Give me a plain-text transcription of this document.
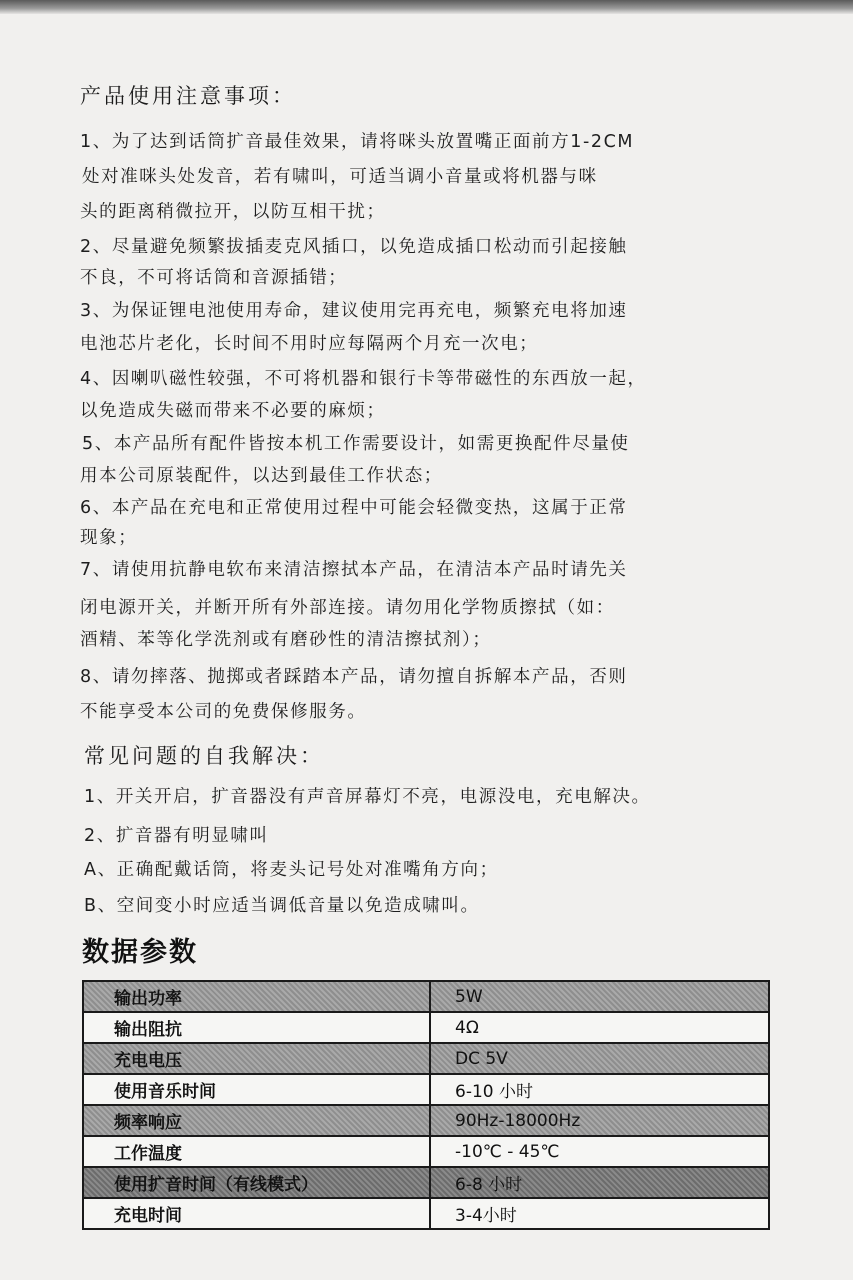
产品使用注意事项：
1、为了达到话筒扩音最佳效果，请将咪头放置嘴正面前方1-2CM
处对准咪头处发音，若有啸叫，可适当调小音量或将机器与咪
头的距离稍微拉开，以防互相干扰；
2、尽量避免频繁拔插麦克风插口，以免造成插口松动而引起接触
不良，不可将话筒和音源插错；
3、为保证锂电池使用寿命，建议使用完再充电，频繁充电将加速
电池芯片老化，长时间不用时应每隔两个月充一次电；
4、因喇叭磁性较强，不可将机器和银行卡等带磁性的东西放一起，
以免造成失磁而带来不必要的麻烦；
5、本产品所有配件皆按本机工作需要设计，如需更换配件尽量使
用本公司原装配件，以达到最佳工作状态；
6、本产品在充电和正常使用过程中可能会轻微变热，这属于正常
现象；
7、请使用抗静电软布来清洁擦拭本产品，在清洁本产品时请先关
闭电源开关，并断开所有外部连接。请勿用化学物质擦拭（如：
酒精、苯等化学洗剂或有磨砂性的清洁擦拭剂）；
8、请勿摔落、抛掷或者踩踏本产品，请勿擅自拆解本产品，否则
不能享受本公司的免费保修服务。
常见问题的自我解决：
1、开关开启，扩音器没有声音屏幕灯不亮，电源没电，充电解决。
2、扩音器有明显啸叫
A、正确配戴话筒，将麦头记号处对准嘴角方向；
B、空间变小时应适当调低音量以免造成啸叫。
数据参数
输出功率	5W
输出阻抗	4Ω
充电电压	DC 5V
使用音乐时间	6-10 小时
频率响应	90Hz-18000Hz
工作温度	-10℃ - 45℃
使用扩音时间（有线模式）	6-8 小时
充电时间	3-4小时
